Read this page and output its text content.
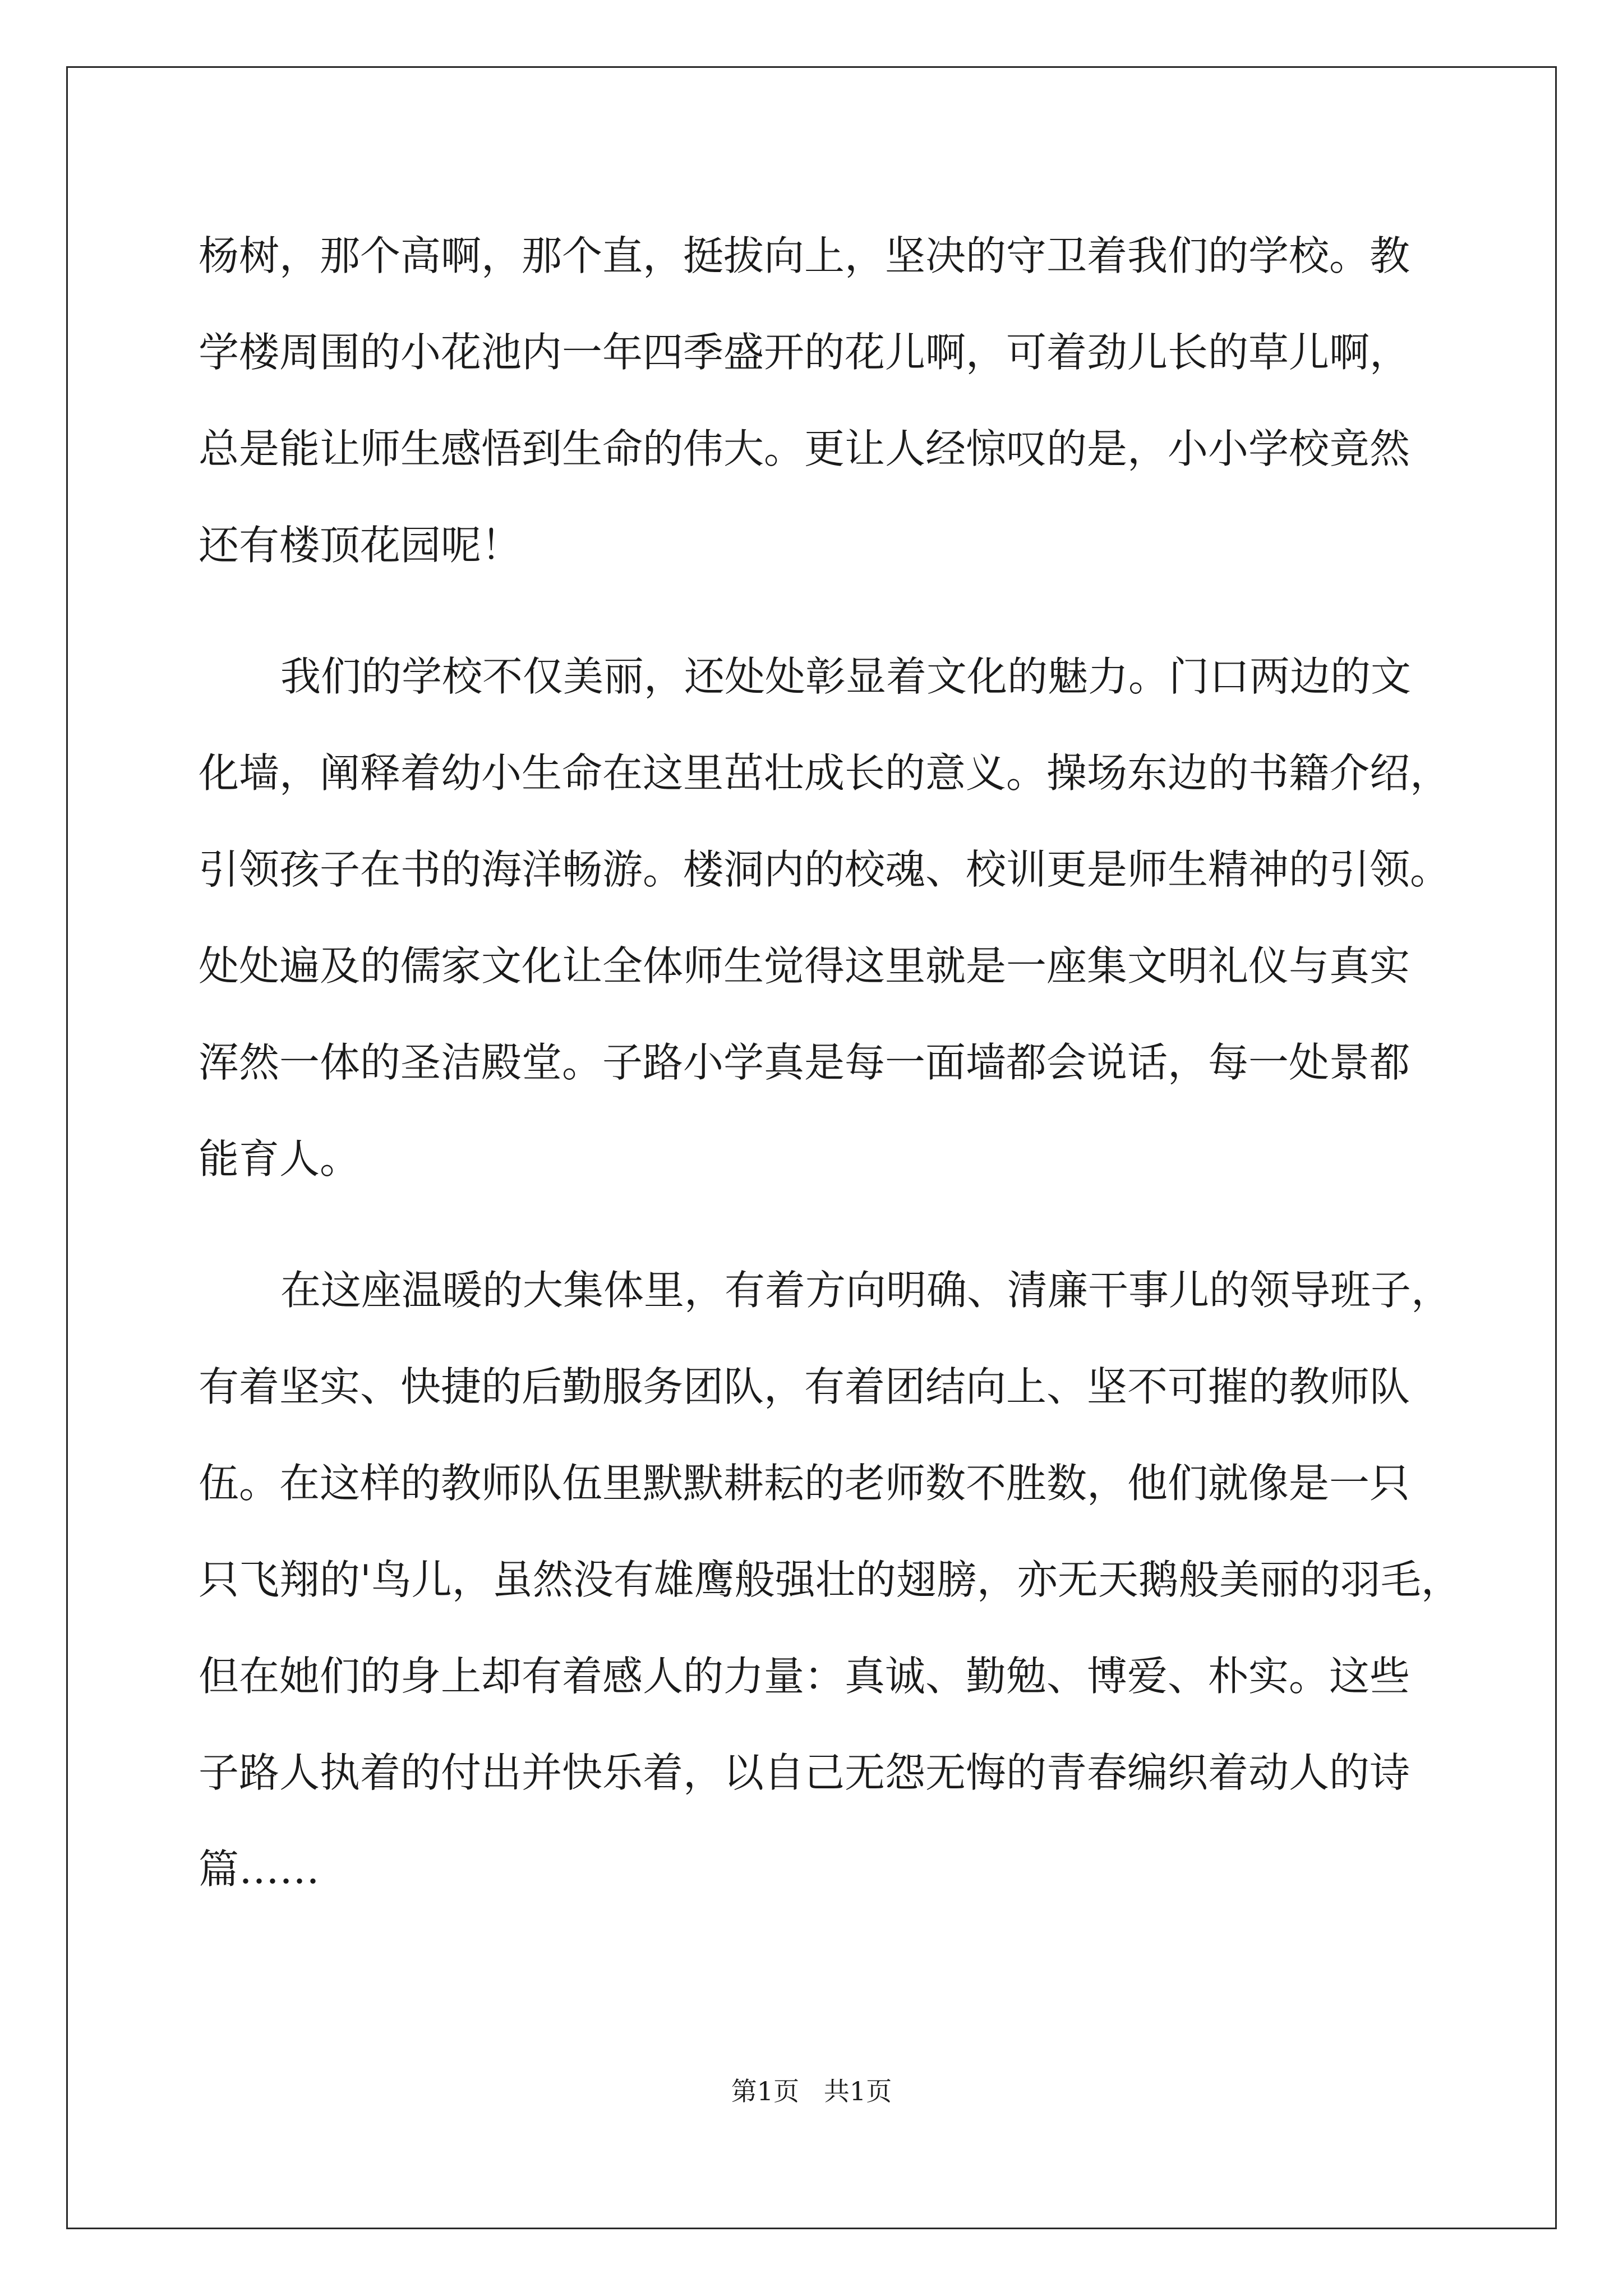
杨树，那个高啊，那个直，挺拔向上，坚决的守卫着我们的学校。教
学楼周围的小花池内一年四季盛开的花儿啊，可着劲儿长的草儿啊，
总是能让师生感悟到生命的伟大。更让人经惊叹的是，小小学校竟然
还有楼顶花园呢！
我们的学校不仅美丽，还处处彰显着文化的魅力。门口两边的文
化墙，阐释着幼小生命在这里茁壮成长的意义。操场东边的书籍介绍，
引领孩子在书的海洋畅游。楼洞内的校魂、校训更是师生精神的引领。
处处遍及的儒家文化让全体师生觉得这里就是一座集文明礼仪与真实
浑然一体的圣洁殿堂。子路小学真是每一面墙都会说话，每一处景都
能育人。
在这座温暖的大集体里，有着方向明确、清廉干事儿的领导班子，
有着坚实、快捷的后勤服务团队，有着团结向上、坚不可摧的教师队
伍。在这样的教师队伍里默默耕耘的老师数不胜数，他们就像是一只
只飞翔的'鸟儿，虽然没有雄鹰般强壮的翅膀，亦无天鹅般美丽的羽毛，
但在她们的身上却有着感人的力量：真诚、勤勉、博爱、朴实。这些
子路人执着的付出并快乐着，以自己无怨无悔的青春编织着动人的诗
篇……
第1页   共1页
